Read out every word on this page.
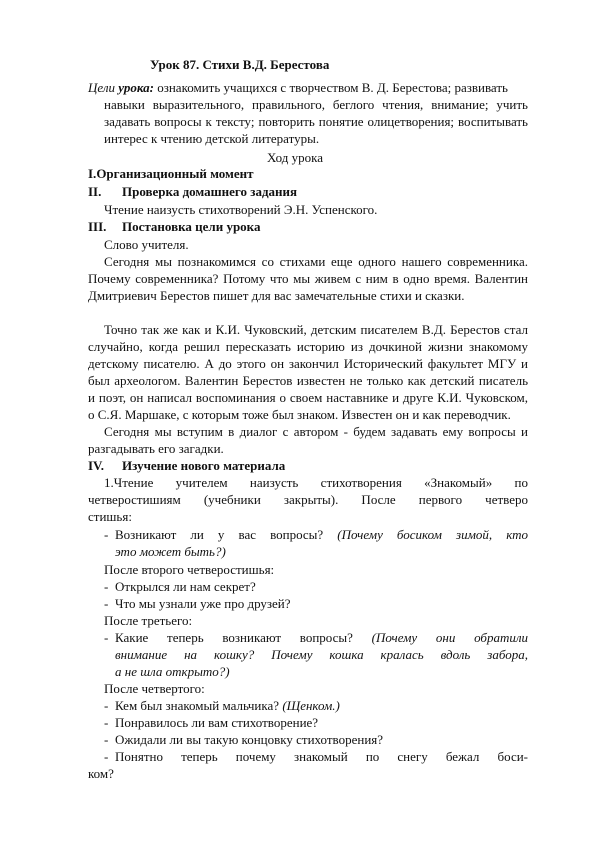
Урок 87. Стихи В.Д. Берестова
Цели урока: ознакомить учащихся с творчеством В. Д. Берестова; развивать
навыки выразительного, правильного, беглого чтения, внимание; учить
задавать вопросы к тексту; повторить понятие олицетворения; воспитывать
интерес к чтению детской литературы.
Ход урока
I.Организационный момент
II. Проверка домашнего задания
Чтение наизусть стихотворений Э.Н. Успенского.
III. Постановка цели урока
Слово учителя.
Сегодня мы познакомимся со стихами еще одного нашего современника.
Почему современника? Потому что мы живем с ним в одно время. Валентин
Дмитриевич Берестов пишет для вас замечательные стихи и сказки.
Точно так же как и К.И. Чуковский, детским писателем В.Д. Берестов стал
случайно, когда решил пересказать историю из дочкиной жизни знакомому
детскому писателю. А до этого он закончил Исторический факультет МГУ и
был археологом. Валентин Берестов известен не только как детский писатель
и поэт, он написал воспоминания о своем наставнике и друге К.И. Чуковском,
о С.Я. Маршаке, с которым тоже был знаком. Известен он и как переводчик.
Сегодня мы вступим в диалог с автором - будем задавать ему вопросы и
разгадывать его загадки.
IV. Изучение нового материала
1.Чтение учителем наизусть стихотворения «Знакомый» по
четверостишиям (учебники закрыты). После первого четверо
стишья:
- Возникают ли у вас вопросы? (Почему босиком зимой, кто
это может быть?)
После второго четверостишья:
- Открылся ли нам секрет?
- Что мы узнали уже про друзей?
После третьего:
- Какие теперь возникают вопросы? (Почему они обратили
внимание на кошку? Почему кошка кралась вдоль забора,
а не шла открыто?)
После четвертого:
- Кем был знакомый мальчика? (Щенком.)
- Понравилось ли вам стихотворение?
- Ожидали ли вы такую концовку стихотворения?
- Понятно теперь почему знакомый по снегу бежал боси-
ком?
